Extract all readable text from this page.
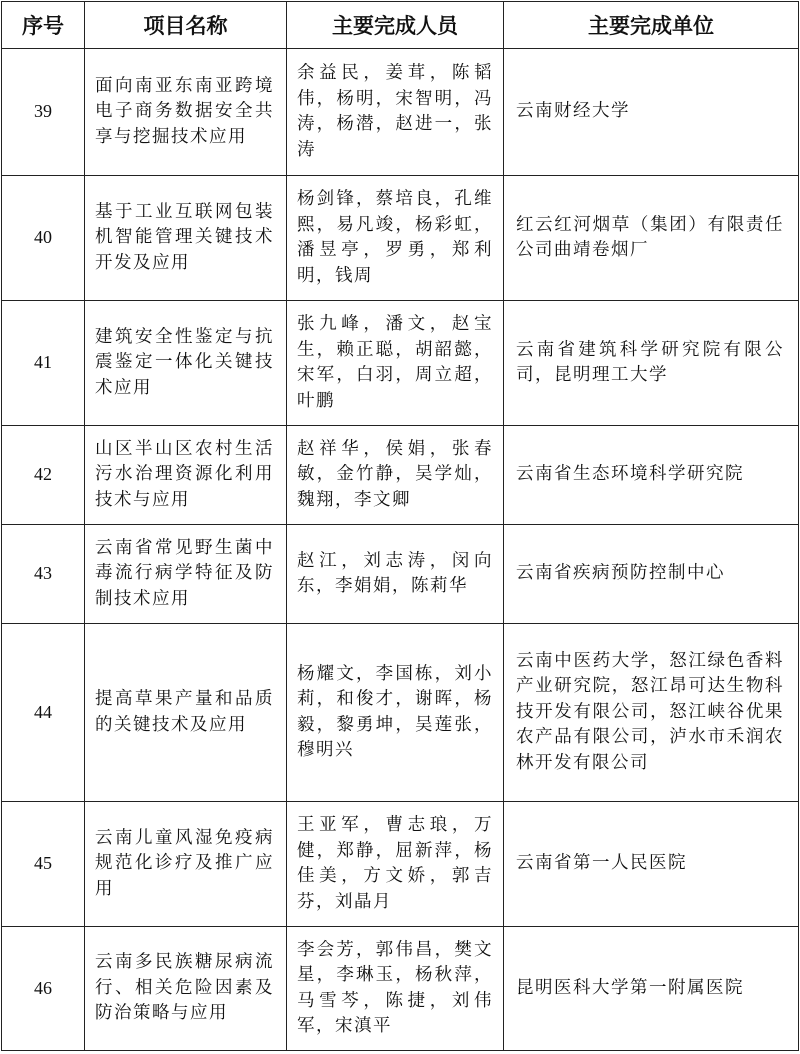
序号	项目名称	主要完成人员	主要完成单位
39	面向南亚东南亚跨境电子商务数据安全共享与挖掘技术应用	余益民，姜茸，陈韬伟，杨明，宋智明，冯涛，杨潜，赵进一，张涛	云南财经大学
40	基于工业互联网包装机智能管理关键技术开发及应用	杨剑锋，蔡培良，孔维熙，易凡竣，杨彩虹，潘昱亭，罗勇，郑利明，钱周	红云红河烟草（集团）有限责任公司曲靖卷烟厂
41	建筑安全性鉴定与抗震鉴定一体化关键技术应用	张九峰，潘文，赵宝生，赖正聪，胡韶懿，宋军，白羽，周立超，叶鹏	云南省建筑科学研究院有限公司，昆明理工大学
42	山区半山区农村生活污水治理资源化利用技术与应用	赵祥华，侯娟，张春敏，金竹静，吴学灿，魏翔，李文卿	云南省生态环境科学研究院
43	云南省常见野生菌中毒流行病学特征及防制技术应用	赵江，刘志涛，闵向东，李娟娟，陈莉华	云南省疾病预防控制中心
44	提高草果产量和品质的关键技术及应用	杨耀文，李国栋，刘小莉，和俊才，谢晖，杨毅，黎勇坤，吴莲张，穆明兴	云南中医药大学，怒江绿色香料产业研究院，怒江昂可达生物科技开发有限公司，怒江峡谷优果农产品有限公司，泸水市禾润农林开发有限公司
45	云南儿童风湿免疫病规范化诊疗及推广应用	王亚军，曹志琅，万健，郑静，屈新萍，杨佳美，方文娇，郭吉芬，刘晶月	云南省第一人民医院
46	云南多民族糖尿病流行、相关危险因素及防治策略与应用	李会芳，郭伟昌，樊文星，李琳玉，杨秋萍，马雪芩，陈捷，刘伟军，宋滇平	昆明医科大学第一附属医院
